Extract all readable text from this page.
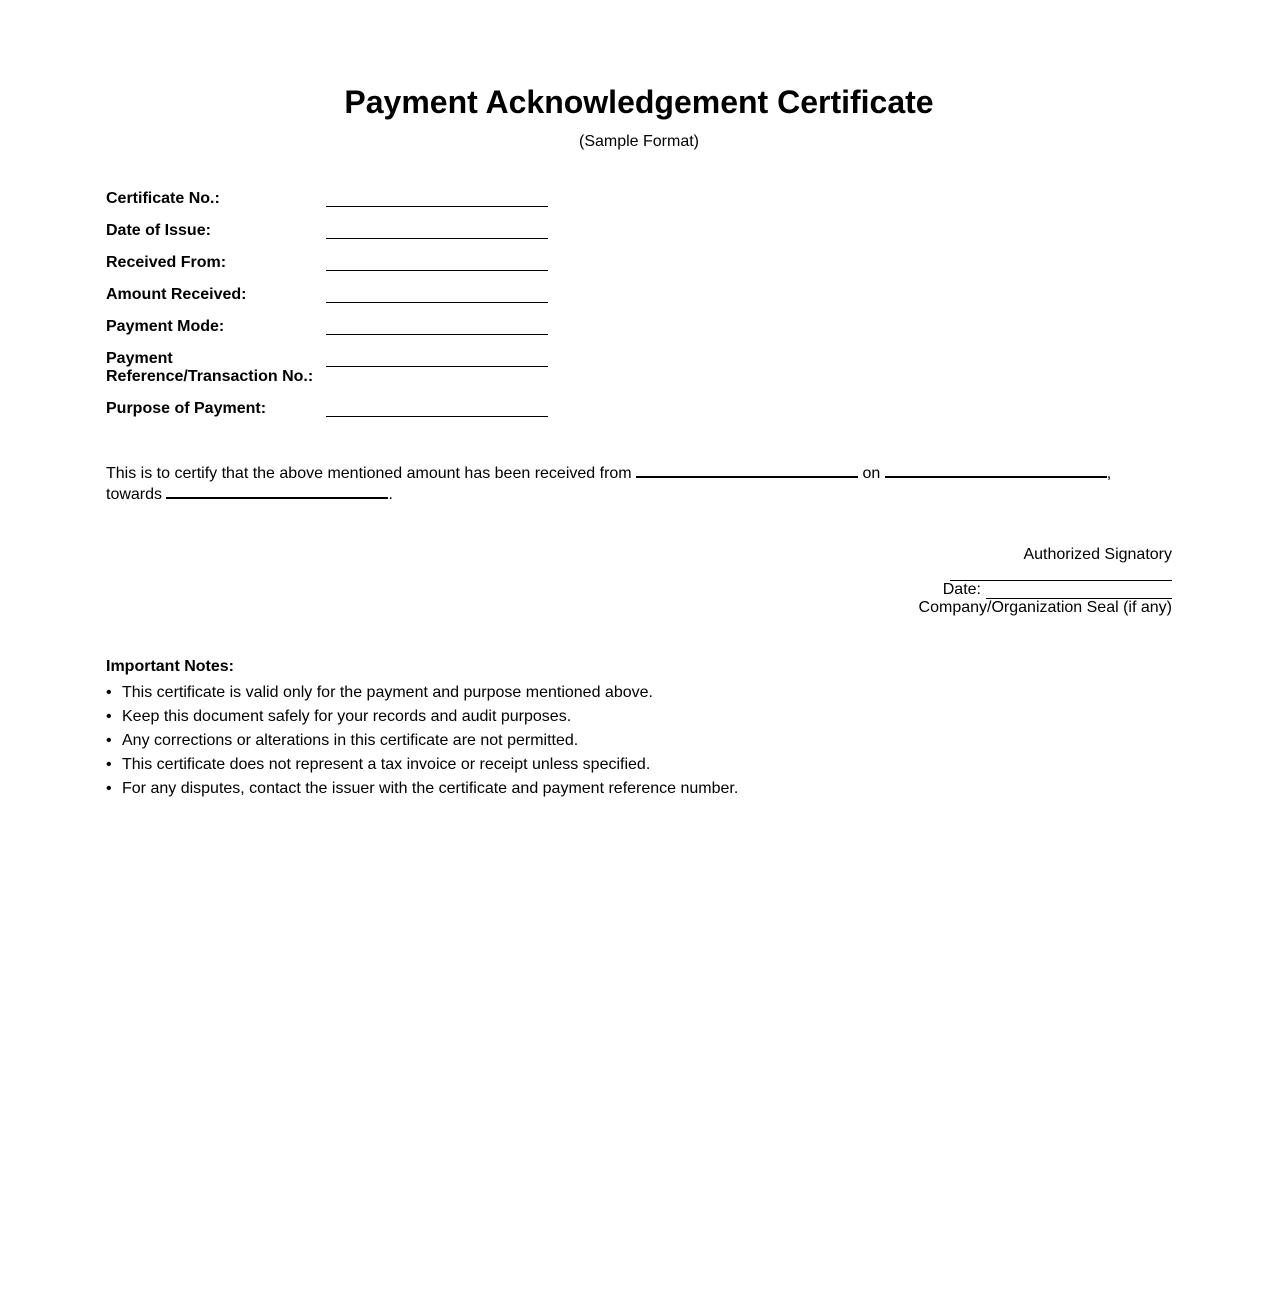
Payment Acknowledgement Certificate
(Sample Format)
Certificate No.:
Date of Issue:
Received From:
Amount Received:
Payment Mode:
Payment Reference/Transaction No.:
Purpose of Payment:
This is to certify that the above mentioned amount has been received from	on	,
towards	.
Authorized Signatory
Date:
Company/Organization Seal (if any)
Important Notes:
• This certificate is valid only for the payment and purpose mentioned above.
• Keep this document safely for your records and audit purposes.
• Any corrections or alterations in this certificate are not permitted.
• This certificate does not represent a tax invoice or receipt unless specified.
• For any disputes, contact the issuer with the certificate and payment reference number.
